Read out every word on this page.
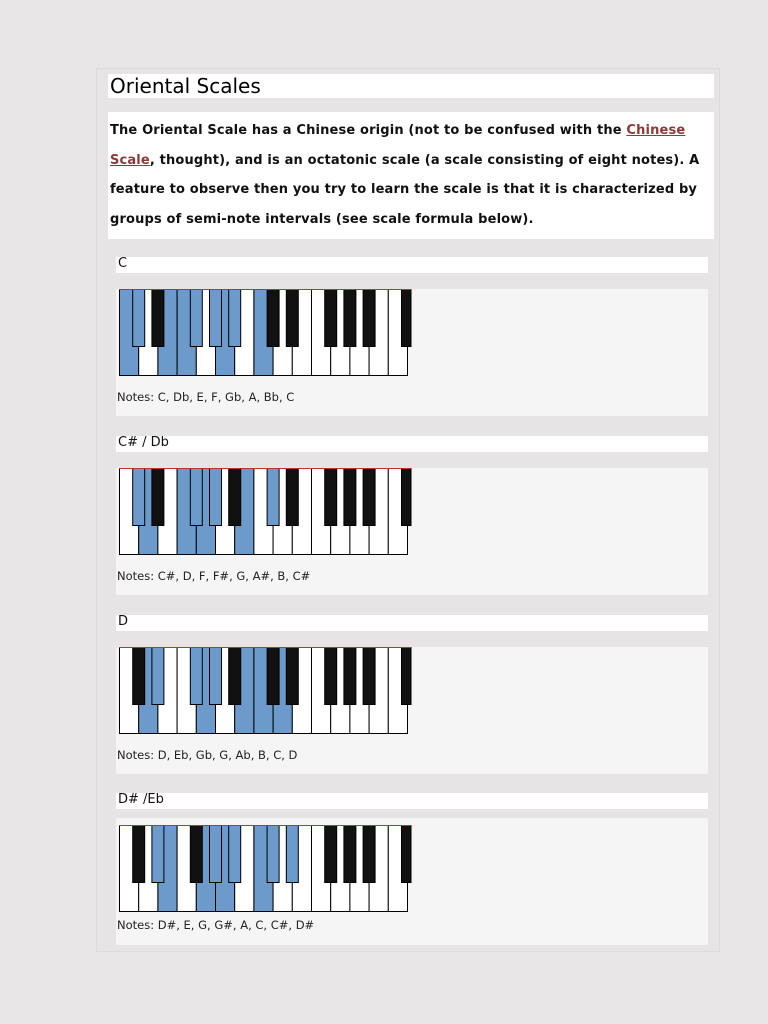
Oriental Scales

The Oriental Scale has a Chinese origin (not to be confused with the Chinese Scale, thought), and is an octatonic scale (a scale consisting of eight notes). A feature to observe then you try to learn the scale is that it is characterized by groups of semi-note intervals (see scale formula below).

C
Notes: C, Db, E, F, Gb, A, Bb, C
C# / Db
Notes: C#, D, F, F#, G, A#, B, C#
D
Notes: D, Eb, Gb, G, Ab, B, C, D
D# /Eb
Notes: D#, E, G, G#, A, C, C#, D#
